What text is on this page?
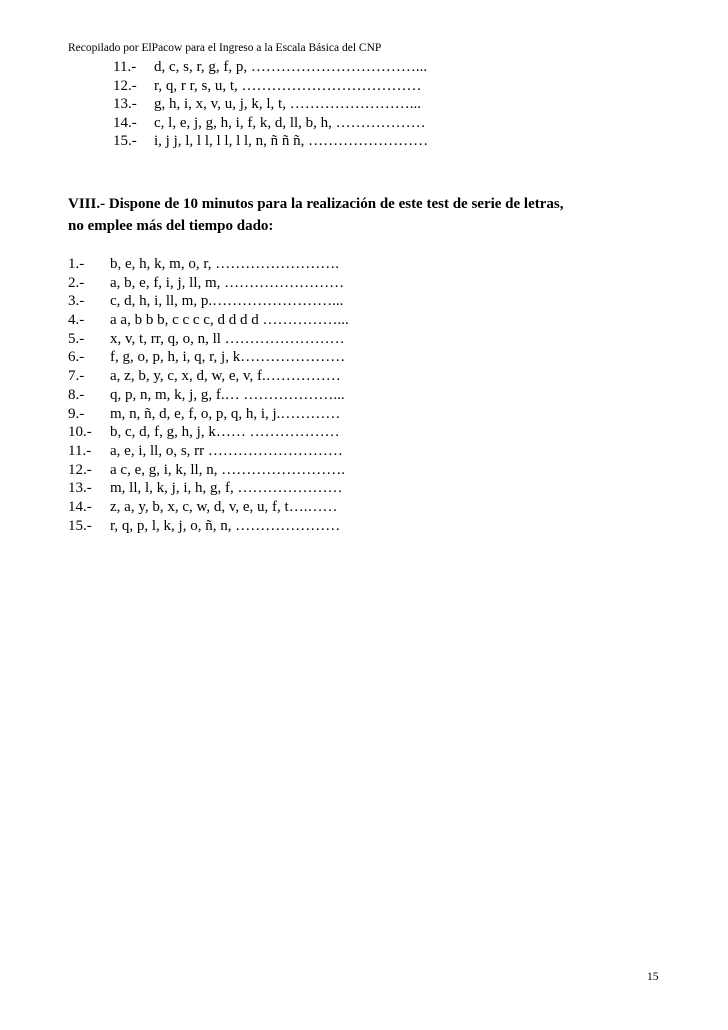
Recopilado por ElPacow para el Ingreso a la Escala Básica del CNP
11.-	d, c, s, r, g, f, p, ……………………………...
12.-	r, q, r r, s, u, t, ………………………………
13.-	g, h, i, x, v, u, j, k, l, t, ……………………...
14.-	c, l, e, j, g, h, i, f, k, d, ll, b, h, ………………
15.-	i, j j, l, l l, l l, l l, n, ñ ñ ñ, ……………………
VIII.- Dispone de 10 minutos para la realización de este test de serie de letras,
no emplee más del tiempo dado:
1.-	b, e, h, k, m, o, r, …………………….
2.-	a, b, e, f, i, j, ll, m, ……………………
3.-	c, d, h, i, ll, m, p.……………………...
4.-	a a, b b b, c c c c, d d d d ……………...
5.-	x, v, t, rr, q, o, n, ll ……………………
6.-	f, g, o, p, h, i, q, r, j, k…………………
7.-	a, z, b, y, c, x, d, w, e, v, f.……………
8.-	q, p, n, m, k, j, g, f.… ………………...
9.-	m, n, ñ, d, e, f, o, p, q, h, i, j.…………
10.-	b, c, d, f, g, h, j, k…… ………………
11.-	a, e, i, ll, o, s, rr ………………………
12.-	a c, e, g, i, k, ll, n, …………………….
13.-	m, ll, l, k, j, i, h, g, f, …………………
14.-	z, a, y, b, x, c, w, d, v, e, u, f, t….……
15.-	r, q, p, l, k, j, o, ñ, n, …………………
15
